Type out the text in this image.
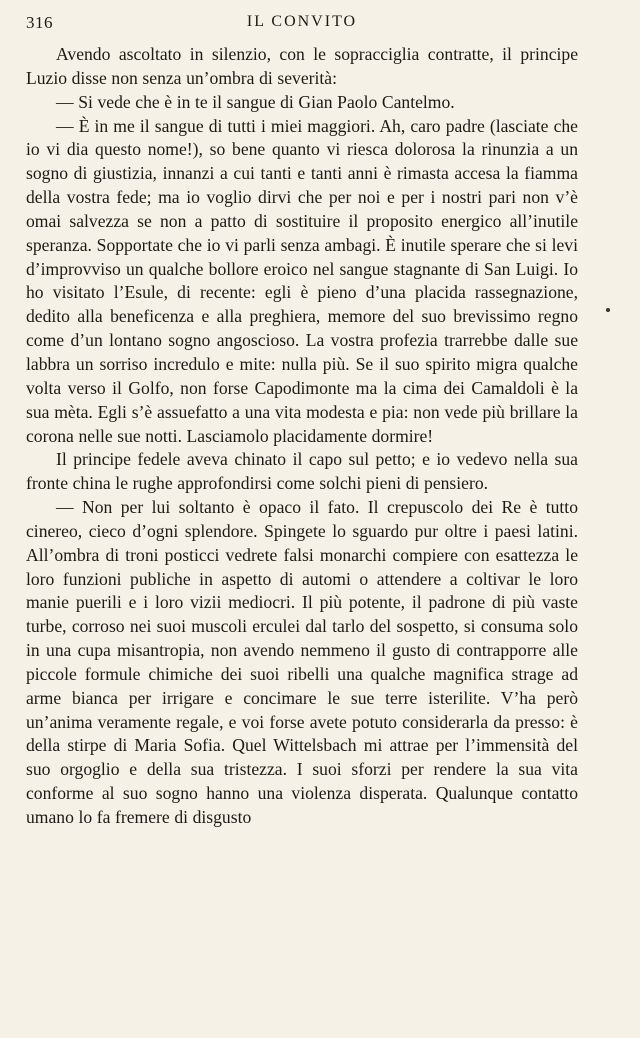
316	IL CONVITO

Avendo ascoltato in silenzio, con le sopracciglia contratte, il principe Luzio disse non senza un’ombra di severità:

— Si vede che è in te il sangue di Gian Paolo Cantelmo.

— È in me il sangue di tutti i miei maggiori. Ah, caro padre (lasciate che io vi dia questo nome!), so bene quanto vi riesca dolorosa la rinunzia a un sogno di giustizia, innanzi a cui tanti e tanti anni è rimasta accesa la fiamma della vostra fede; ma io voglio dirvi che per noi e per i nostri pari non v’è omai salvezza se non a patto di sostituire il proposito energico all’inutile speranza. Sopportate che io vi parli senza ambagi. È inutile sperare che si levi d’improvviso un qualche bollore eroico nel sangue stagnante di San Luigi. Io ho visitato l’Esule, di recente: egli è pieno d’una placida rassegnazione, dedito alla beneficenza e alla preghiera, memore del suo brevissimo regno come d’un lontano sogno angoscioso. La vostra profezia trarrebbe dalle sue labbra un sorriso incredulo e mite: nulla più. Se il suo spirito migra qualche volta verso il Golfo, non forse Capodimonte ma la cima dei Camaldoli è la sua mèta. Egli s’è assuefatto a una vita modesta e pia: non vede più brillare la corona nelle sue notti. Lasciamolo placidamente dormire!

Il principe fedele aveva chinato il capo sul petto; e io vedevo nella sua fronte china le rughe approfondirsi come solchi pieni di pensiero.

— Non per lui soltanto è opaco il fato. Il crepuscolo dei Re è tutto cinereo, cieco d’ogni splendore. Spingete lo sguardo pur oltre i paesi latini. All’ombra di troni posticci vedrete falsi monarchi compiere con esattezza le loro funzioni publiche in aspetto di automi o attendere a coltivar le loro manie puerili e i loro vizii mediocri. Il più potente, il padrone di più vaste turbe, corroso nei suoi muscoli erculei dal tarlo del sospetto, si consuma solo in una cupa misantropia, non avendo nemmeno il gusto di contrapporre alle piccole formule chimiche dei suoi ribelli una qualche magnifica strage ad arme bianca per irrigare e concimare le sue terre isterilite. V’ha però un’anima veramente regale, e voi forse avete potuto considerarla da presso: è della stirpe di Maria Sofia. Quel Wittelsbach mi attrae per l’immensità del suo orgoglio e della sua tristezza. I suoi sforzi per rendere la sua vita conforme al suo sogno hanno una violenza disperata. Qualunque contatto umano lo fa fremere di disgusto
